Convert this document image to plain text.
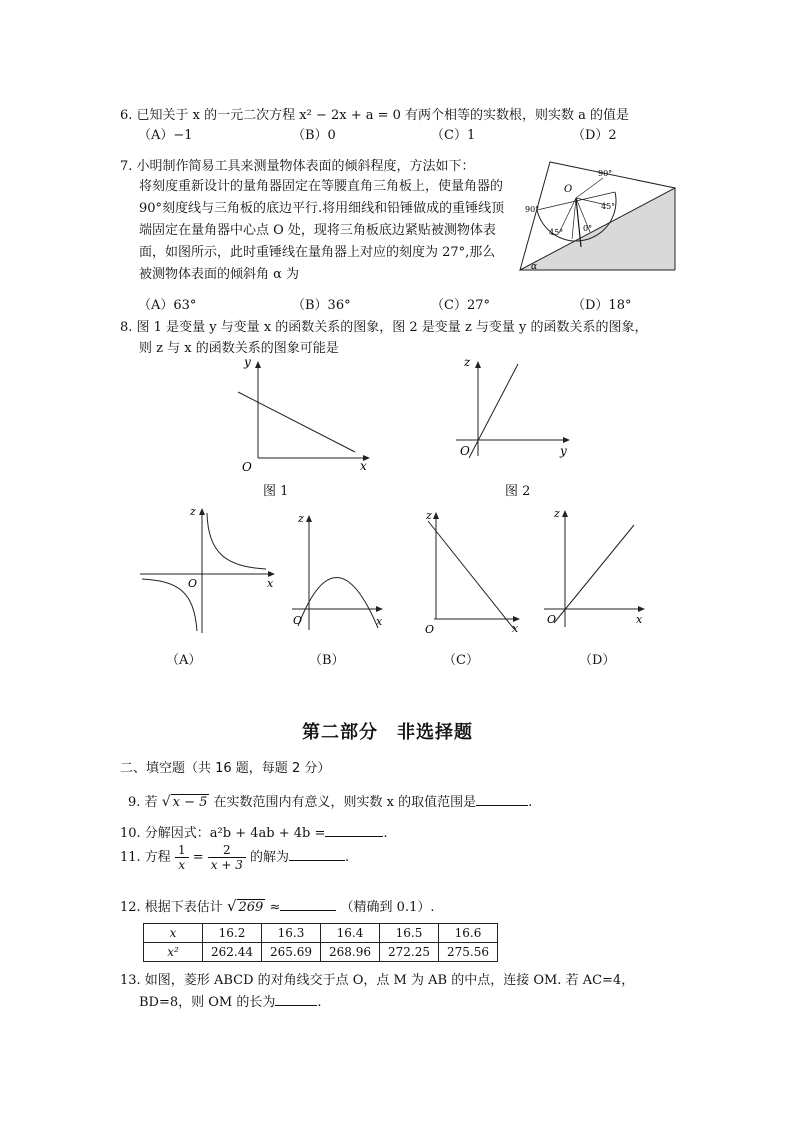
6. 已知关于 x 的一元二次方程 x² − 2x + a = 0 有两个相等的实数根，则实数 a 的值是
（A）−1	（B）0	（C）1	（D）2
7. 小明制作简易工具来测量物体表面的倾斜程度，方法如下：
将刻度重新设计的量角器固定在等腰直角三角板上，使量角器的 90°刻度线与三角板的底边平行.将用细线和铅锤做成的重锤线顶端固定在量角器中心点 O 处，现将三角板底边紧贴被测物体表面，如图所示，此时重锤线在量角器上对应的刻度为 27°,那么被测物体表面的倾斜角 α 为
（A）63°	（B）36°	（C）27°	（D）18°
O
90°
90°	45°
45° 0°
α
8. 图 1 是变量 y 与变量 x 的函数关系的图象，图 2 是变量 z 与变量 y 的函数关系的图象，
则 z 与 x 的函数关系的图象可能是
y
x
O
图 1
z
y
O
图 2
z
x
O
（A）
z
x
O
（B）
z
x
O
（C）
z
x
O
（D）
第二部分　非选择题
二、填空题（共 16 题，每题 2 分）
9. 若 √ x − 5 在实数范围内有意义，则实数 x 的取值范围是	.
10. 分解因式：a²b + 4ab + 4b =	.
11. 方程 $\frac{1}{x} = \frac{2}{x + 3}$ 的解为	.
12. 根据下表估计 √ 269 ≈	（精确到 0.1）.
x	16.2	16.3	16.4	16.5	16.6
x²	262.44	265.69	268.96	272.25	275.56
13. 如图，菱形 ABCD 的对角线交于点 O，点 M 为 AB 的中点，连接 OM. 若 AC=4，
BD=8，则 OM 的长为	.
